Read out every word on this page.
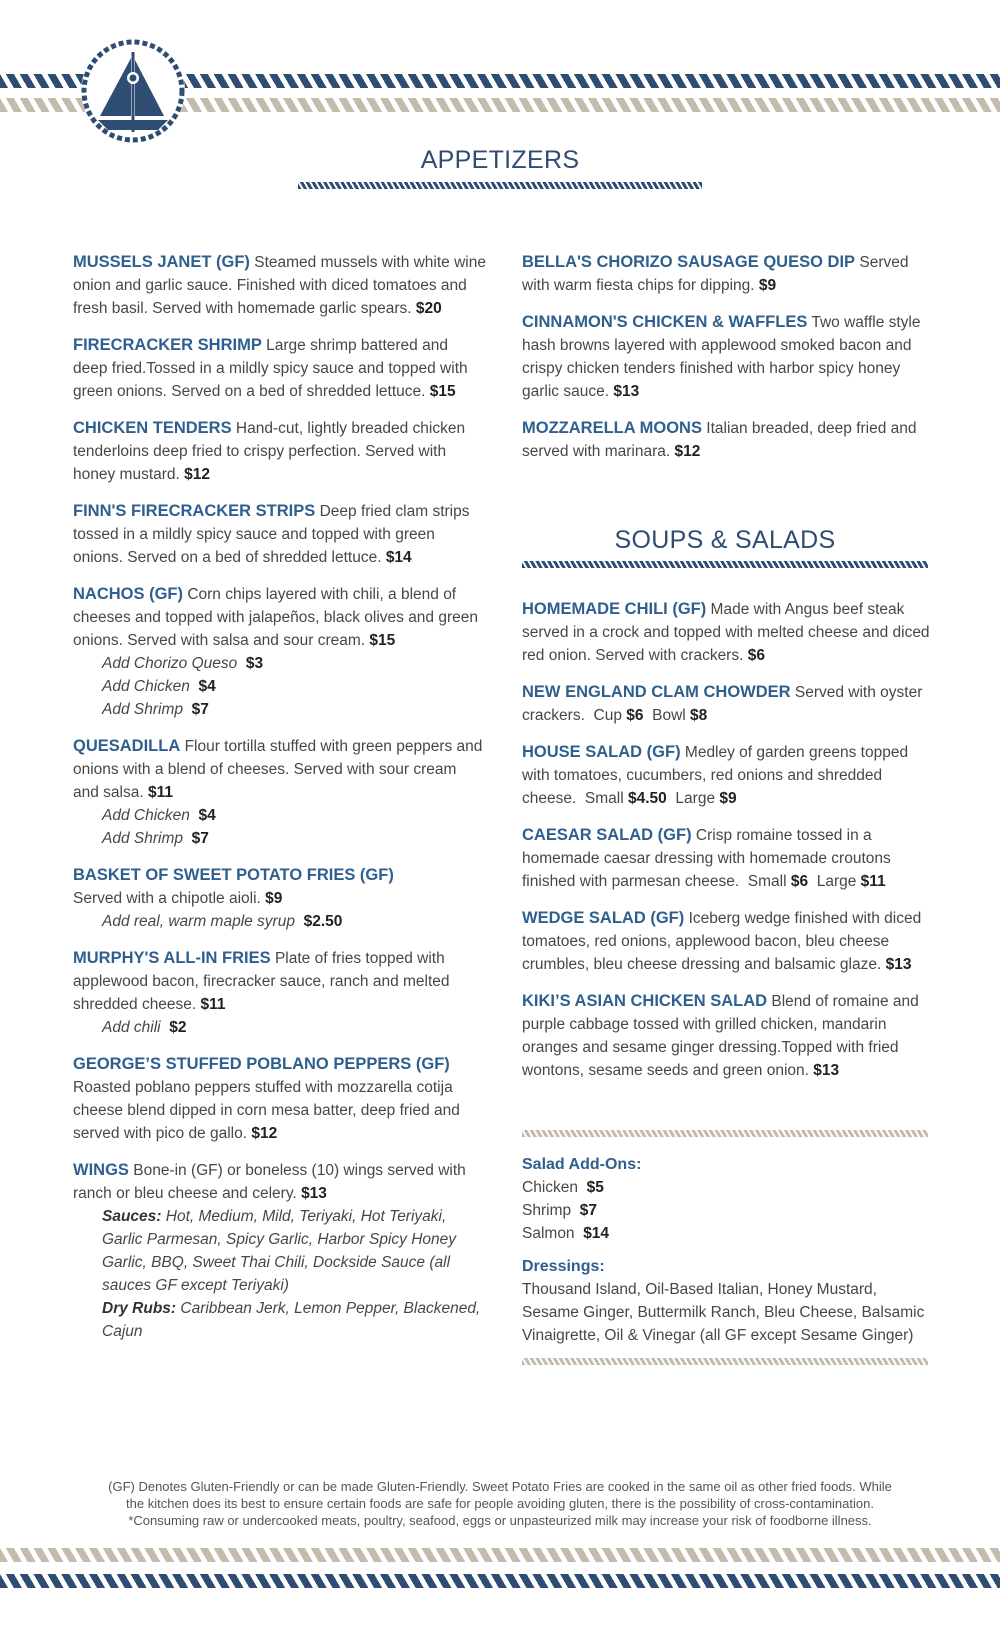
APPETIZERS
MUSSELS JANET (GF) Steamed mussels with white wine onion and garlic sauce. Finished with diced tomatoes and fresh basil. Served with homemade garlic spears. $20
FIRECRACKER SHRIMP Large shrimp battered and deep fried.Tossed in a mildly spicy sauce and topped with green onions. Served on a bed of shredded lettuce. $15
CHICKEN TENDERS Hand-cut, lightly breaded chicken tenderloins deep fried to crispy perfection. Served with honey mustard. $12
FINN'S FIRECRACKER STRIPS Deep fried clam strips tossed in a mildly spicy sauce and topped with green onions. Served on a bed of shredded lettuce. $14
NACHOS (GF) Corn chips layered with chili, a blend of cheeses and topped with jalapeños, black olives and green onions. Served with salsa and sour cream. $15
Add Chorizo Queso $3
Add Chicken $4
Add Shrimp $7
QUESADILLA Flour tortilla stuffed with green peppers and onions with a blend of cheeses. Served with sour cream and salsa. $11
Add Chicken $4
Add Shrimp $7
BASKET OF SWEET POTATO FRIES (GF)
Served with a chipotle aioli. $9
Add real, warm maple syrup $2.50
MURPHY'S ALL-IN FRIES Plate of fries topped with applewood bacon, firecracker sauce, ranch and melted shredded cheese. $11
Add chili $2
GEORGE’S STUFFED POBLANO PEPPERS (GF)
Roasted poblano peppers stuffed with mozzarella cotija cheese blend dipped in corn mesa batter, deep fried and served with pico de gallo. $12
WINGS Bone-in (GF) or boneless (10) wings served with ranch or bleu cheese and celery. $13
Sauces: Hot, Medium, Mild, Teriyaki, Hot Teriyaki, Garlic Parmesan, Spicy Garlic, Harbor Spicy Honey Garlic, BBQ, Sweet Thai Chili, Dockside Sauce (all sauces GF except Teriyaki)
Dry Rubs: Caribbean Jerk, Lemon Pepper, Blackened, Cajun
BELLA'S CHORIZO SAUSAGE QUESO DIP Served with warm fiesta chips for dipping. $9
CINNAMON'S CHICKEN & WAFFLES Two waffle style hash browns layered with applewood smoked bacon and crispy chicken tenders finished with harbor spicy honey garlic sauce. $13
MOZZARELLA MOONS Italian breaded, deep fried and served with marinara. $12
SOUPS & SALADS
HOMEMADE CHILI (GF) Made with Angus beef steak served in a crock and topped with melted cheese and diced red onion. Served with crackers. $6
NEW ENGLAND CLAM CHOWDER Served with oyster crackers. Cup $6 Bowl $8
HOUSE SALAD (GF) Medley of garden greens topped with tomatoes, cucumbers, red onions and shredded cheese. Small $4.50 Large $9
CAESAR SALAD (GF) Crisp romaine tossed in a homemade caesar dressing with homemade croutons finished with parmesan cheese. Small $6 Large $11
WEDGE SALAD (GF) Iceberg wedge finished with diced tomatoes, red onions, applewood bacon, bleu cheese crumbles, bleu cheese dressing and balsamic glaze. $13
KIKI’S ASIAN CHICKEN SALAD Blend of romaine and purple cabbage tossed with grilled chicken, mandarin oranges and sesame ginger dressing.Topped with fried wontons, sesame seeds and green onion. $13
Salad Add-Ons:
Chicken $5
Shrimp $7
Salmon $14
Dressings:
Thousand Island, Oil-Based Italian, Honey Mustard, Sesame Ginger, Buttermilk Ranch, Bleu Cheese, Balsamic Vinaigrette, Oil & Vinegar (all GF except Sesame Ginger)
(GF) Denotes Gluten-Friendly or can be made Gluten-Friendly. Sweet Potato Fries are cooked in the same oil as other fried foods. While
the kitchen does its best to ensure certain foods are safe for people avoiding gluten, there is the possibility of cross-contamination.
*Consuming raw or undercooked meats, poultry, seafood, eggs or unpasteurized milk may increase your risk of foodborne illness.
